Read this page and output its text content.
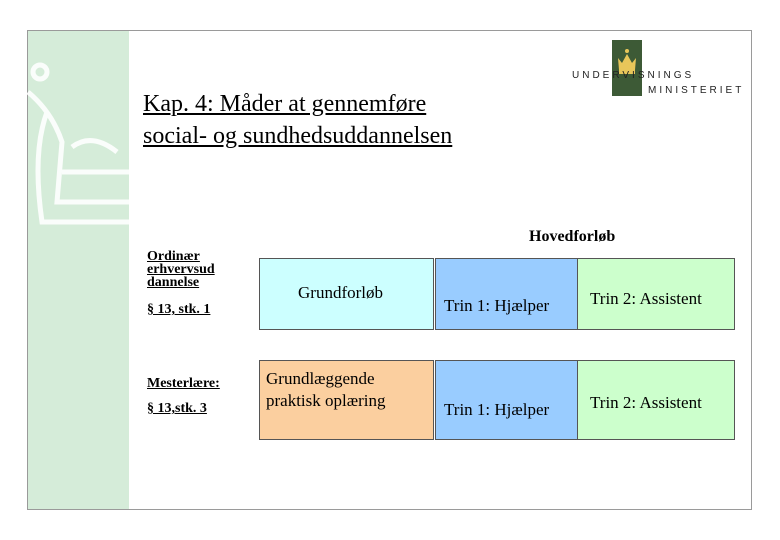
Kap. 4: Måder at gennemføre
social- og sundhedsuddannelsen
UNDERVISNINGS
MINISTERIET
Hovedforløb
Ordinær
erhvervsud
dannelse
§ 13, stk. 1
Mesterlære:
§ 13,stk. 3
Grundforløb
Trin 1: Hjælper Trin 2: Assistent
Grundlæggende
praktisk oplæring	Trin 1: Hjælper Trin 2: Assistent
